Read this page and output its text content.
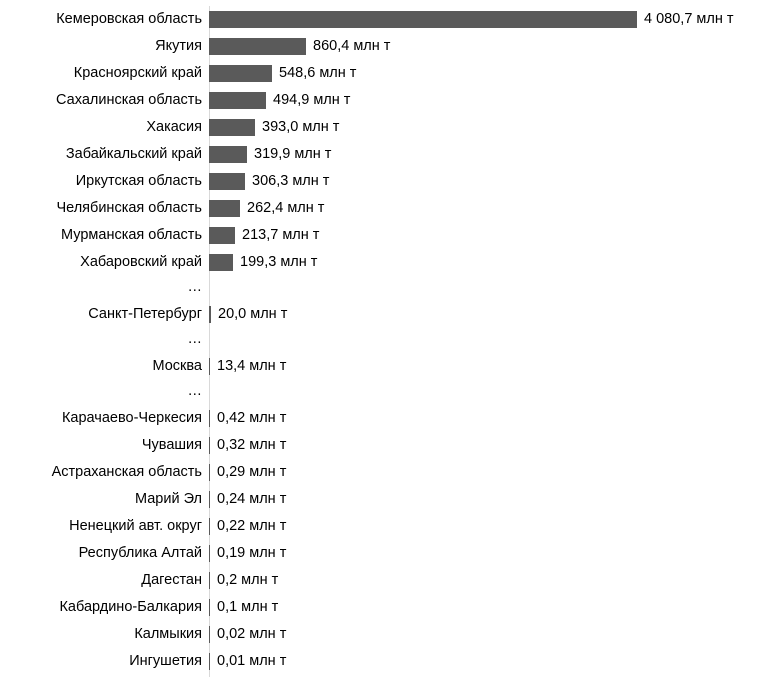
Кемеровская область	4 080,7 млн т
Якутия	860,4 млн т
Красноярский край	548,6 млн т
Сахалинская область	494,9 млн т
Хакасия	393,0 млн т
Забайкальский край	319,9 млн т
Иркутская область	306,3 млн т
Челябинская область	262,4 млн т
Мурманская область	213,7 млн т
Хабаровский край	199,3 млн т
…
Санкт-Петербург	20,0 млн т
…
Москва	13,4 млн т
…
Карачаево-Черкесия	0,42 млн т
Чувашия	0,32 млн т
Астраханская область	0,29 млн т
Марий Эл	0,24 млн т
Ненецкий авт. округ	0,22 млн т
Республика Алтай	0,19 млн т
Дагестан	0,2 млн т
Кабардино-Балкария	0,1 млн т
Калмыкия	0,02 млн т
Ингушетия	0,01 млн т
